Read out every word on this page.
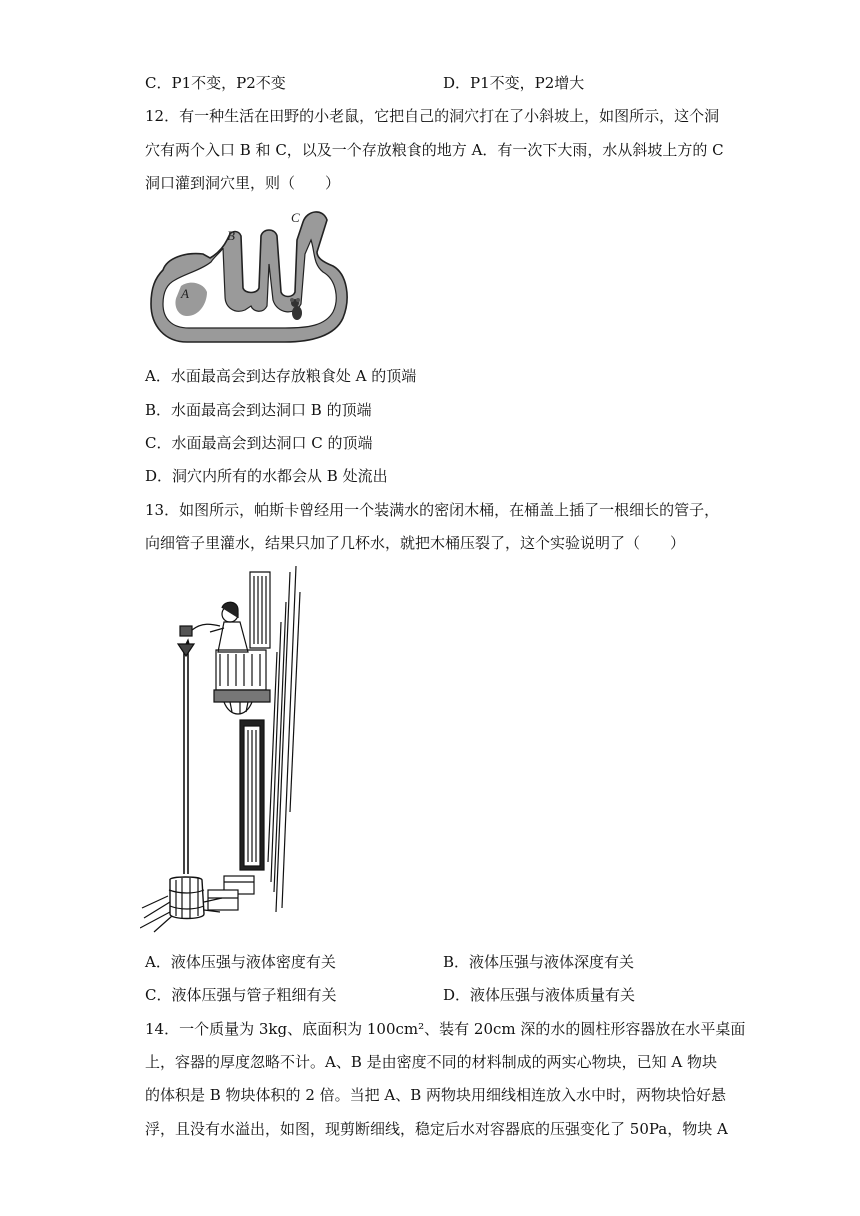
C．P1不变，P2不变	D．P1不变，P2增大
12．有一种生活在田野的小老鼠，它把自己的洞穴打在了小斜坡上，如图所示，这个洞
穴有两个入口 B 和 C，以及一个存放粮食的地方 A．有一次下大雨，水从斜坡上方的 C
洞口灌到洞穴里，则（　　）
A
B
C
A．水面最高会到达存放粮食处 A 的顶端
B．水面最高会到达洞口 B 的顶端
C．水面最高会到达洞口 C 的顶端
D．洞穴内所有的水都会从 B 处流出
13．如图所示，帕斯卡曾经用一个装满水的密闭木桶，在桶盖上插了一根细长的管子，
向细管子里灌水，结果只加了几杯水，就把木桶压裂了，这个实验说明了（　　）
A．液体压强与液体密度有关	B．液体压强与液体深度有关
C．液体压强与管子粗细有关	D．液体压强与液体质量有关
14．一个质量为 3kg、底面积为 100cm²、装有 20cm 深的水的圆柱形容器放在水平桌面
上，容器的厚度忽略不计。A、B 是由密度不同的材料制成的两实心物块，已知 A 物块
的体积是 B 物块体积的 2 倍。当把 A、B 两物块用细线相连放入水中时，两物块恰好悬
浮，且没有水溢出，如图，现剪断细线，稳定后水对容器底的压强变化了 50Pa，物块 A
